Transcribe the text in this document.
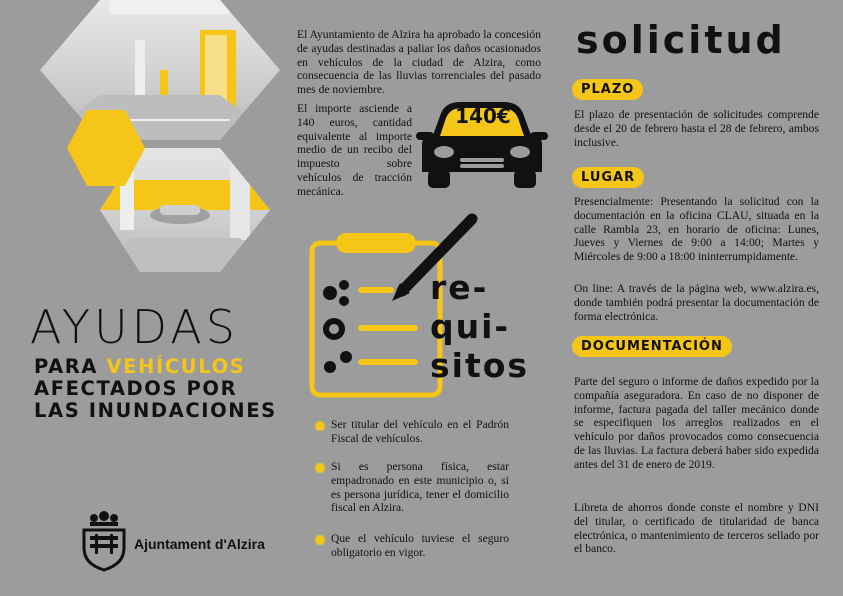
AYUDAS
PARA VEHÍCULOS
AFECTADOS POR
LAS INUNDACIONES
Ajuntament d'Alzira

El Ayuntamiento de Alzira ha aprobado la concesión de ayudas destinadas a paliar los daños ocasionados en vehículos de la ciudad de Alzira, como consecuencia de las lluvias torrenciales del pasado mes de noviembre.

El importe asciende a 140 euros, cantidad equivalente al importe medio de un recibo del impuesto sobre vehículos de tracción mecánica.

140€
re-
qui-
sitos
Ser titular del vehículo en el Padrón Fiscal de vehículos.
Si es persona física, estar empadronado en este municipio o, si es persona jurídica, tener el domicilio fiscal en Alzira.
Que el vehículo tuviese el seguro obligatorio en vigor.
solicitud
PLAZO

El plazo de presentación de solicitudes comprende desde el 20 de febrero hasta el 28 de febrero, ambos inclusive.

LUGAR

Presencialmente: Presentando la solicitud con la documentación en la oficina CLAU, situada en la calle Rambla 23, en horario de oficina: Lunes, Jueves y Viernes de 9:00 a 14:00; Martes y Miércoles de 9:00 a 18:00 ininterrumpidamente.

On line: A través de la página web, www.alzira.es, donde también podrá presentar la documentación de forma electrónica.

DOCUMENTACIÓN

Parte del seguro o informe de daños expedido por la compañía aseguradora. En caso de no disponer de informe, factura pagada del taller mecánico donde se especifiquen los arreglos realizados en el vehículo por daños provocados como consecuencia de las lluvias. La factura deberá haber sido expedida antes del 31 de enero de 2019.

Libreta de ahorros donde conste el nombre y DNI del titular, o certificado de titularidad de banca electrónica, o mantenimiento de terceros sellado por el banco.
